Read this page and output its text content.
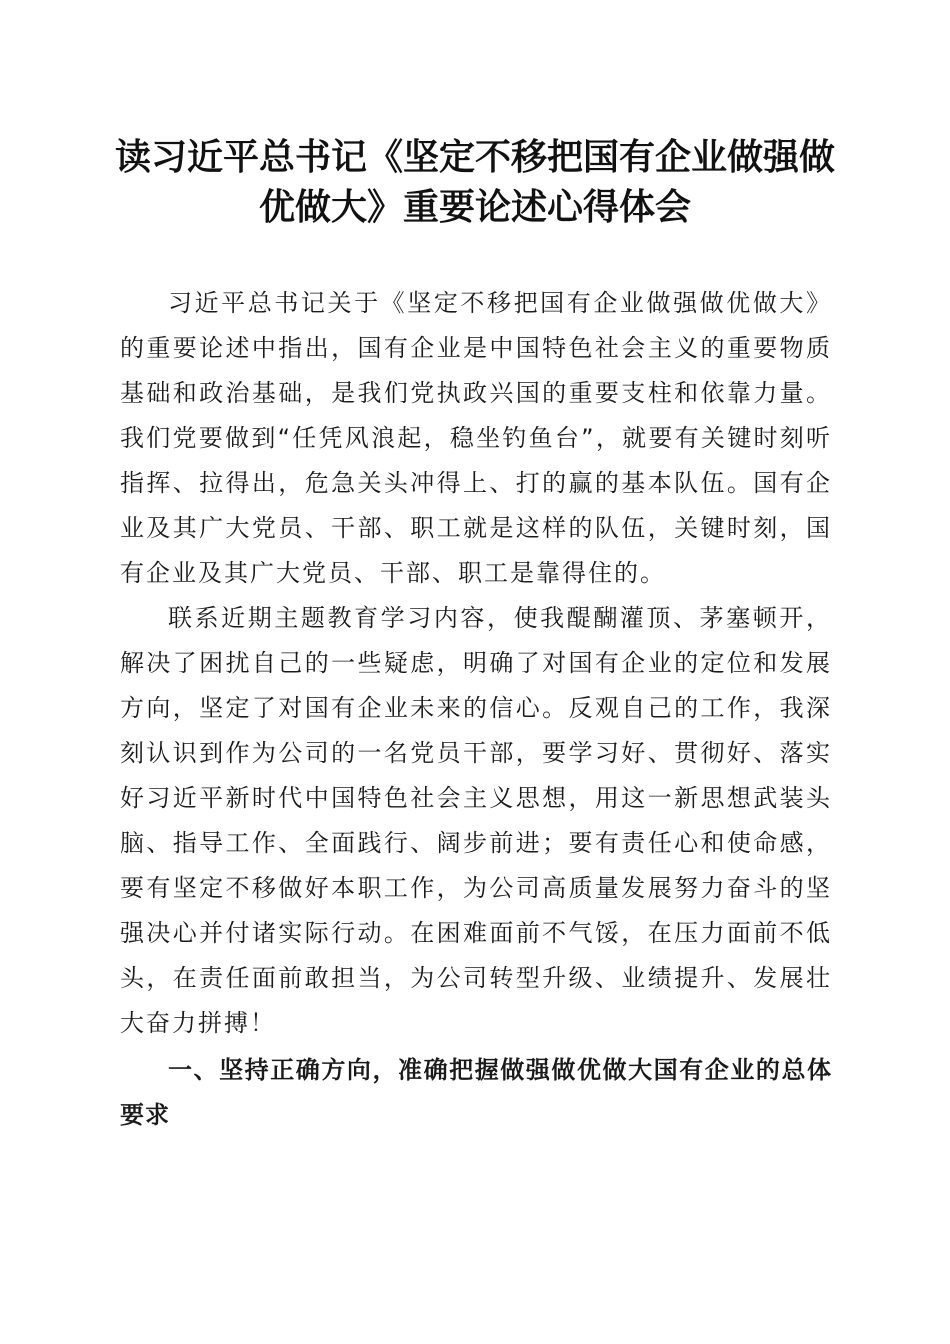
读习近平总书记《坚定不移把国有企业做强做优做大》重要论述心得体会

习近平总书记关于《坚定不移把国有企业做强做优做大》的重要论述中指出，国有企业是中国特色社会主义的重要物质基础和政治基础，是我们党执政兴国的重要支柱和依靠力量。我们党要做到“任凭风浪起，稳坐钓鱼台”，就要有关键时刻听指挥、拉得出，危急关头冲得上、打的赢的基本队伍。国有企业及其广大党员、干部、职工就是这样的队伍，关键时刻，国有企业及其广大党员、干部、职工是靠得住的。

联系近期主题教育学习内容，使我醍醐灌顶、茅塞顿开，解决了困扰自己的一些疑虑，明确了对国有企业的定位和发展方向，坚定了对国有企业未来的信心。反观自己的工作，我深刻认识到作为公司的一名党员干部，要学习好、贯彻好、落实好习近平新时代中国特色社会主义思想，用这一新思想武装头脑、指导工作、全面践行、阔步前进；要有责任心和使命感，要有坚定不移做好本职工作，为公司高质量发展努力奋斗的坚强决心并付诸实际行动。在困难面前不气馁，在压力面前不低头，在责任面前敢担当，为公司转型升级、业绩提升、发展壮大奋力拼搏！

一、坚持正确方向，准确把握做强做优做大国有企业的总体要求
